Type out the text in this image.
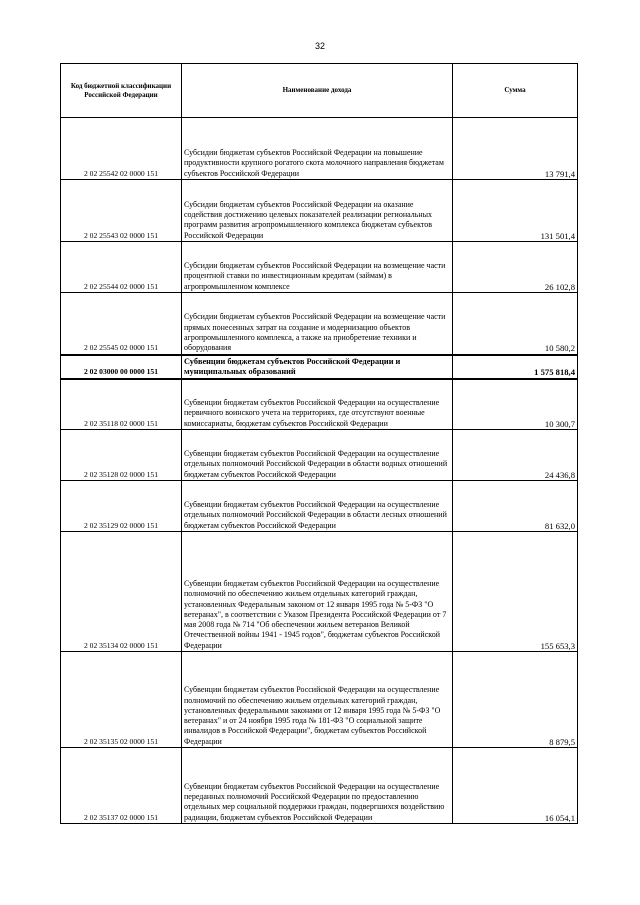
32
Код бюджетной классификации Российской Федерации	Наименование дохода	Сумма
2 02 25542 02 0000 151	Субсидии бюджетам субъектов Российской Федерации на повышение продуктивности крупного рогатого скота молочного направления бюджетам субъектов Российской Федерации	13 791,4
2 02 25543 02 0000 151	Субсидии бюджетам субъектов Российской Федерации на оказание содействия достижению целевых показателей реализации региональных программ развития агропромышленного комплекса бюджетам субъектов Российской Федерации	131 501,4
2 02 25544 02 0000 151	Субсидии бюджетам субъектов Российской Федерации на возмещение части процентной ставки по инвестиционным кредитам (займам) в агропромышленном комплексе	26 102,8
2 02 25545 02 0000 151	Субсидии бюджетам субъектов Российской Федерации на возмещение части прямых понесенных затрат на создание и модернизацию объектов агропромышленного комплекса, а также на приобретение техники и оборудования	10 580,2
2 02 03000 00 0000 151	Субвенции бюджетам субъектов Российской Федерации и муниципальных образований	1 575 818,4
2 02 35118 02 0000 151	Субвенции бюджетам субъектов Российской Федерации на осуществление первичного воинского учета на территориях, где отсутствуют военные комиссариаты, бюджетам субъектов Российской Федерации	10 300,7
2 02 35128 02 0000 151	Субвенции бюджетам субъектов Российской Федерации на осуществление отдельных полномочий Российской Федерации в области водных отношений бюджетам субъектов Российской Федерации	24 436,8
2 02 35129 02 0000 151	Субвенции бюджетам субъектов Российской Федерации на осуществление отдельных полномочий Российской Федерации в области лесных отношений бюджетам субъектов Российской Федерации	81 632,0
2 02 35134 02 0000 151	Субвенции бюджетам субъектов Российской Федерации на осуществление полномочий по обеспечению жильем отдельных категорий граждан, установленных Федеральным законом от 12 января 1995 года № 5-ФЗ "О ветеранах", в соответствии с Указом Президента Российской Федерации от 7 мая 2008 года № 714 "Об обеспечении жильем ветеранов Великой Отечественной войны 1941 - 1945 годов", бюджетам субъектов Российской Федерации	155 653,3
2 02 35135 02 0000 151	Субвенции бюджетам субъектов Российской Федерации на осуществление полномочий по обеспечению жильем отдельных категорий граждан, установленных федеральными законами от 12 января 1995 года № 5-ФЗ "О ветеранах" и от 24 ноября 1995 года № 181-ФЗ "О социальной защите инвалидов в Российской Федерации", бюджетам субъектов Российской Федерации	8 879,5
2 02 35137 02 0000 151	Субвенции бюджетам субъектов Российской Федерации на осуществление переданных полномочий Российской Федерации по предоставлению отдельных мер социальной поддержки граждан, подвергшихся воздействию радиации, бюджетам субъектов Российской Федерации	16 054,1
